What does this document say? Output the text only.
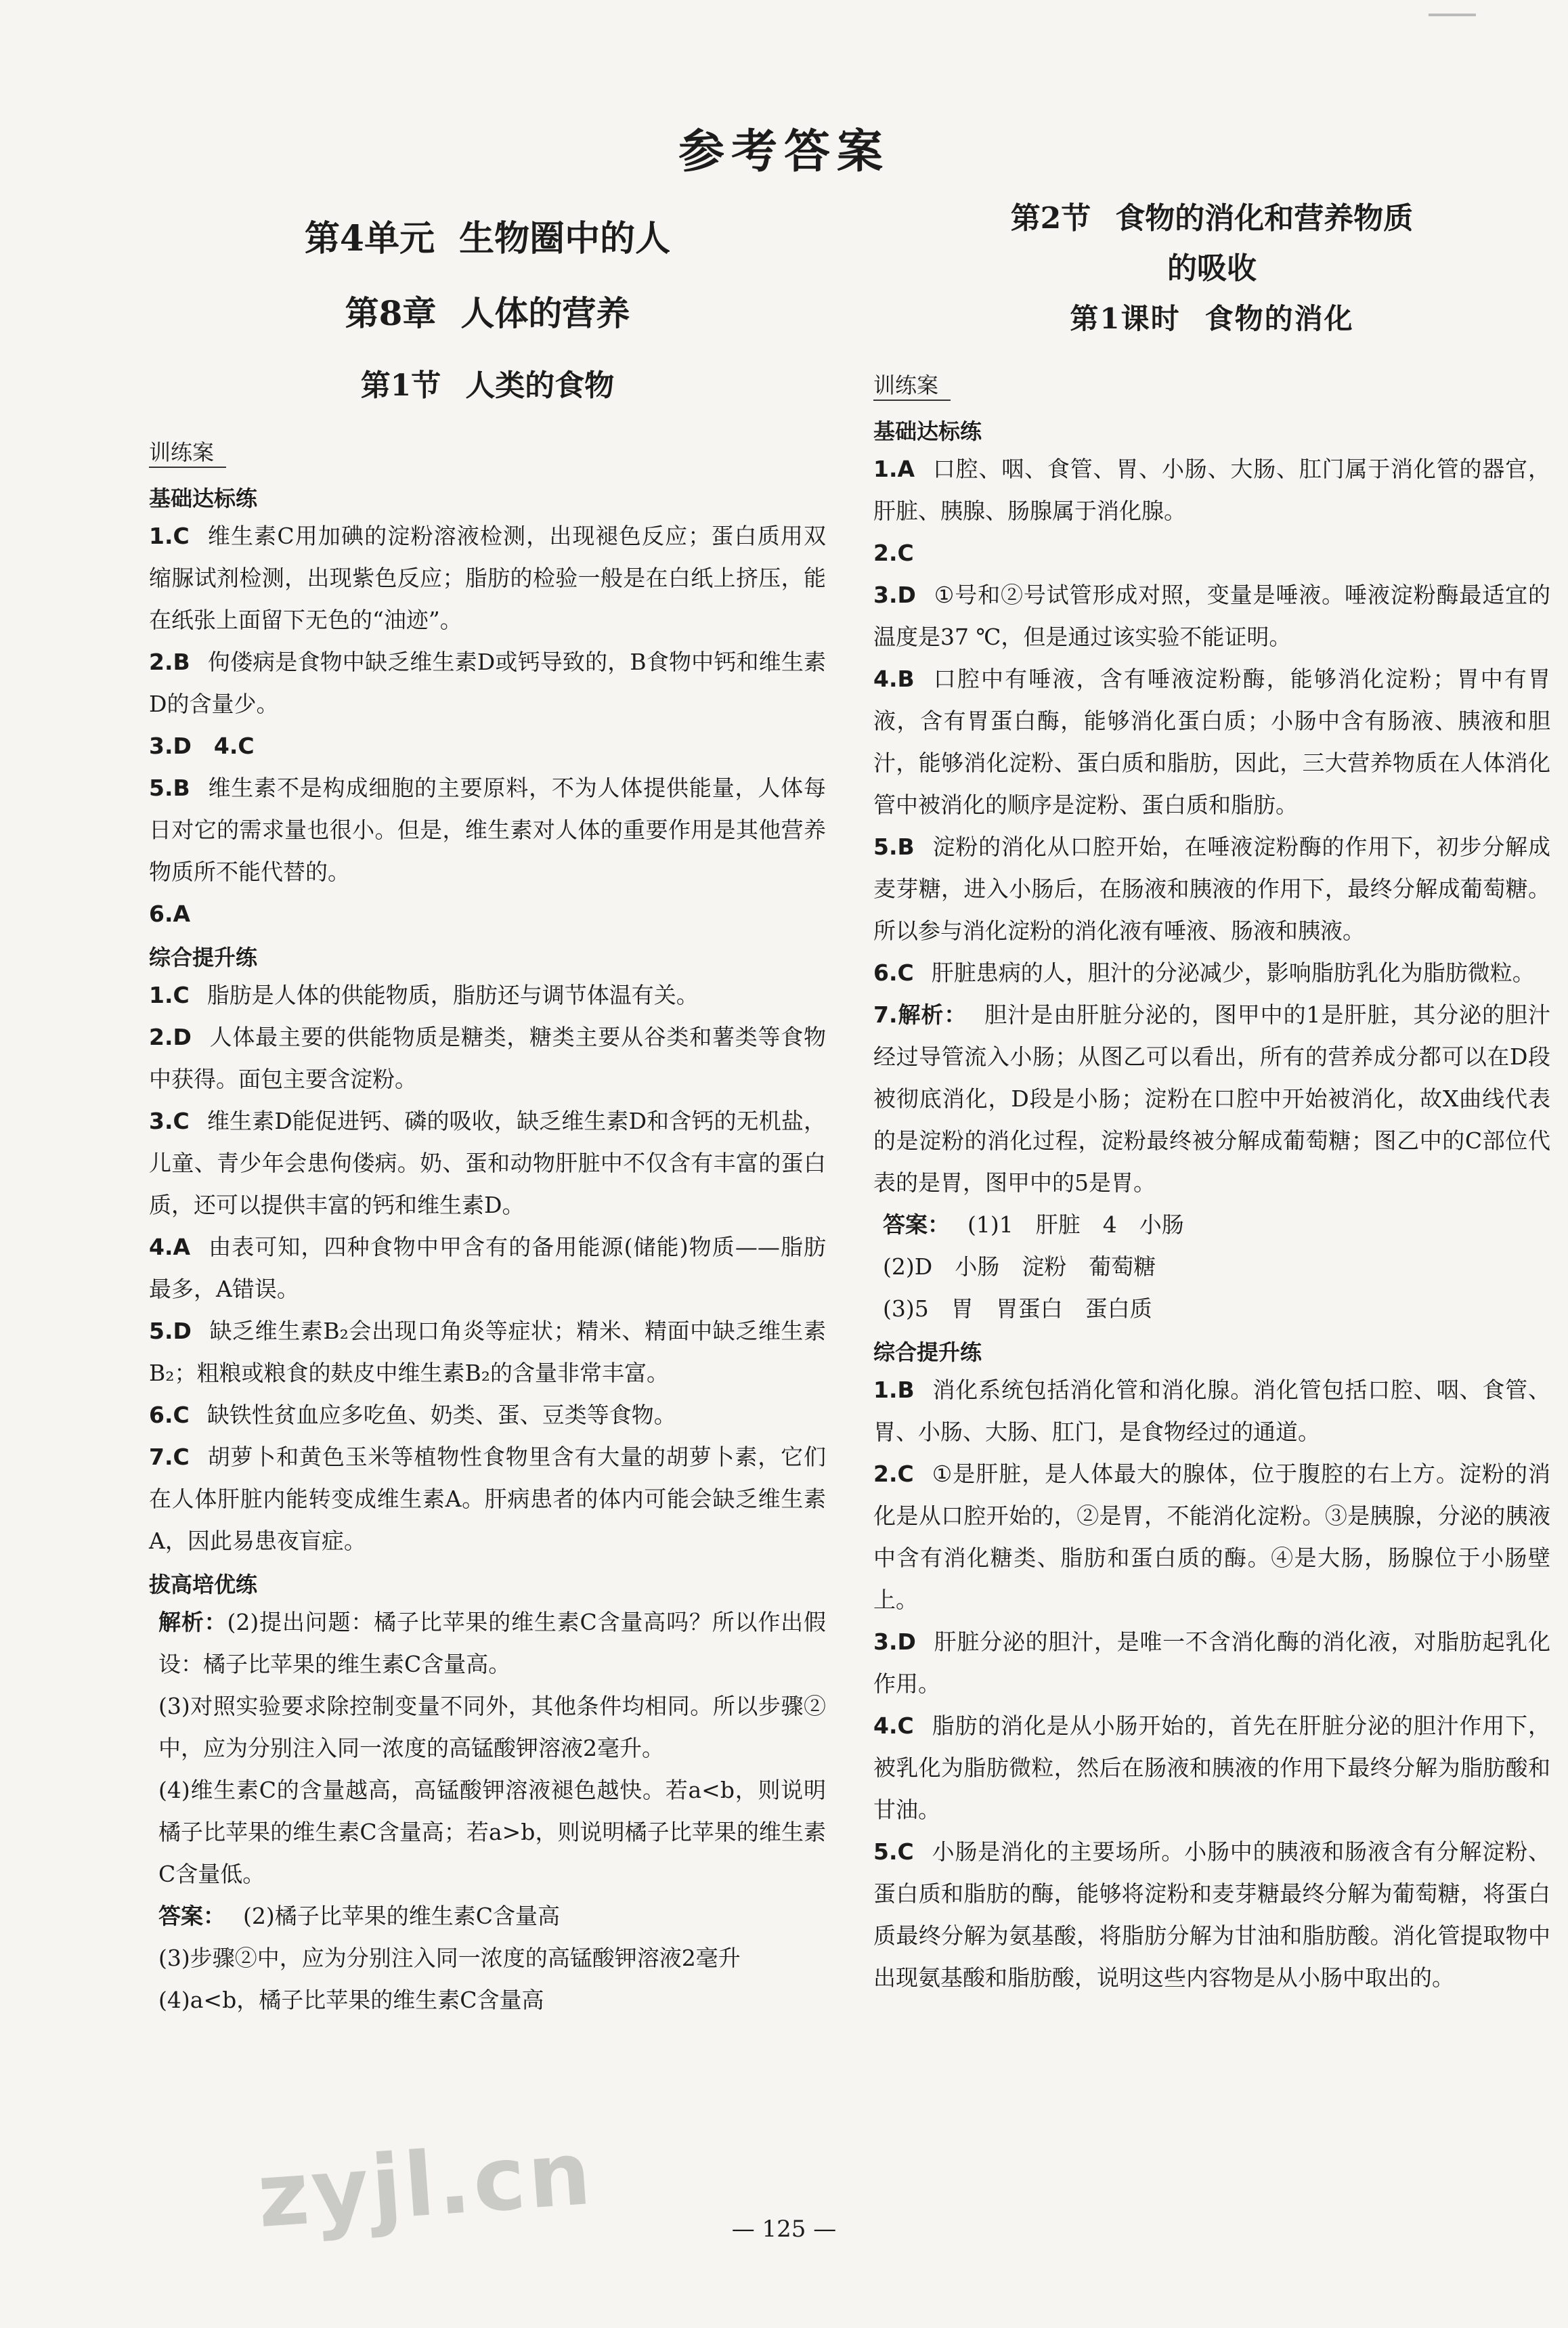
参考答案
第4单元 生物圈中的人
第8章 人体的营养
第1节 人类的食物
训练案
基础达标练

1.C 维生素C用加碘的淀粉溶液检测，出现褪色反应；蛋白质用双缩脲试剂检测，出现紫色反应；脂肪的检验一般是在白纸上挤压，能在纸张上面留下无色的“油迹”。

2.B 佝偻病是食物中缺乏维生素D或钙导致的，B食物中钙和维生素D的含量少。

3.D　4.C

5.B 维生素不是构成细胞的主要原料，不为人体提供能量，人体每日对它的需求量也很小。但是，维生素对人体的重要作用是其他营养物质所不能代替的。

6.A

综合提升练

1.C 脂肪是人体的供能物质，脂肪还与调节体温有关。

2.D 人体最主要的供能物质是糖类，糖类主要从谷类和薯类等食物中获得。面包主要含淀粉。

3.C 维生素D能促进钙、磷的吸收，缺乏维生素D和含钙的无机盐，儿童、青少年会患佝偻病。奶、蛋和动物肝脏中不仅含有丰富的蛋白质，还可以提供丰富的钙和维生素D。

4.A 由表可知，四种食物中甲含有的备用能源(储能)物质——脂肪最多，A错误。

5.D 缺乏维生素B₂会出现口角炎等症状；精米、精面中缺乏维生素B₂；粗粮或粮食的麸皮中维生素B₂的含量非常丰富。

6.C 缺铁性贫血应多吃鱼、奶类、蛋、豆类等食物。

7.C 胡萝卜和黄色玉米等植物性食物里含有大量的胡萝卜素，它们在人体肝脏内能转变成维生素A。肝病患者的体内可能会缺乏维生素A，因此易患夜盲症。

拔高培优练

解析：(2)提出问题：橘子比苹果的维生素C含量高吗？所以作出假设：橘子比苹果的维生素C含量高。

(3)对照实验要求除控制变量不同外，其他条件均相同。所以步骤②中，应为分别注入同一浓度的高锰酸钾溶液2毫升。

(4)维生素C的含量越高，高锰酸钾溶液褪色越快。若a<b，则说明橘子比苹果的维生素C含量高；若a>b，则说明橘子比苹果的维生素C含量低。

答案： (2)橘子比苹果的维生素C含量高

(3)步骤②中，应为分别注入同一浓度的高锰酸钾溶液2毫升

(4)a<b，橘子比苹果的维生素C含量高

第2节 食物的消化和营养物质
的吸收
第1课时 食物的消化
训练案
基础达标练

1.A 口腔、咽、食管、胃、小肠、大肠、肛门属于消化管的器官，肝脏、胰腺、肠腺属于消化腺。

2.C

3.D ①号和②号试管形成对照，变量是唾液。唾液淀粉酶最适宜的温度是37 ℃，但是通过该实验不能证明。

4.B 口腔中有唾液，含有唾液淀粉酶，能够消化淀粉；胃中有胃液，含有胃蛋白酶，能够消化蛋白质；小肠中含有肠液、胰液和胆汁，能够消化淀粉、蛋白质和脂肪，因此，三大营养物质在人体消化管中被消化的顺序是淀粉、蛋白质和脂肪。

5.B 淀粉的消化从口腔开始，在唾液淀粉酶的作用下，初步分解成麦芽糖，进入小肠后，在肠液和胰液的作用下，最终分解成葡萄糖。所以参与消化淀粉的消化液有唾液、肠液和胰液。

6.C 肝脏患病的人，胆汁的分泌减少，影响脂肪乳化为脂肪微粒。

7.解析： 胆汁是由肝脏分泌的，图甲中的1是肝脏，其分泌的胆汁经过导管流入小肠；从图乙可以看出，所有的营养成分都可以在D段被彻底消化，D段是小肠；淀粉在口腔中开始被消化，故X曲线代表的是淀粉的消化过程，淀粉最终被分解成葡萄糖；图乙中的C部位代表的是胃，图甲中的5是胃。

答案： (1)1　肝脏　4　小肠

(2)D　小肠　淀粉　葡萄糖

(3)5　胃　胃蛋白　蛋白质

综合提升练

1.B 消化系统包括消化管和消化腺。消化管包括口腔、咽、食管、胃、小肠、大肠、肛门，是食物经过的通道。

2.C ①是肝脏，是人体最大的腺体，位于腹腔的右上方。淀粉的消化是从口腔开始的，②是胃，不能消化淀粉。③是胰腺，分泌的胰液中含有消化糖类、脂肪和蛋白质的酶。④是大肠，肠腺位于小肠壁上。

3.D 肝脏分泌的胆汁，是唯一不含消化酶的消化液，对脂肪起乳化作用。

4.C 脂肪的消化是从小肠开始的，首先在肝脏分泌的胆汁作用下，被乳化为脂肪微粒，然后在肠液和胰液的作用下最终分解为脂肪酸和甘油。

5.C 小肠是消化的主要场所。小肠中的胰液和肠液含有分解淀粉、蛋白质和脂肪的酶，能够将淀粉和麦芽糖最终分解为葡萄糖，将蛋白质最终分解为氨基酸，将脂肪分解为甘油和脂肪酸。消化管提取物中出现氨基酸和脂肪酸，说明这些内容物是从小肠中取出的。

zyjl.cn	— 125 —
